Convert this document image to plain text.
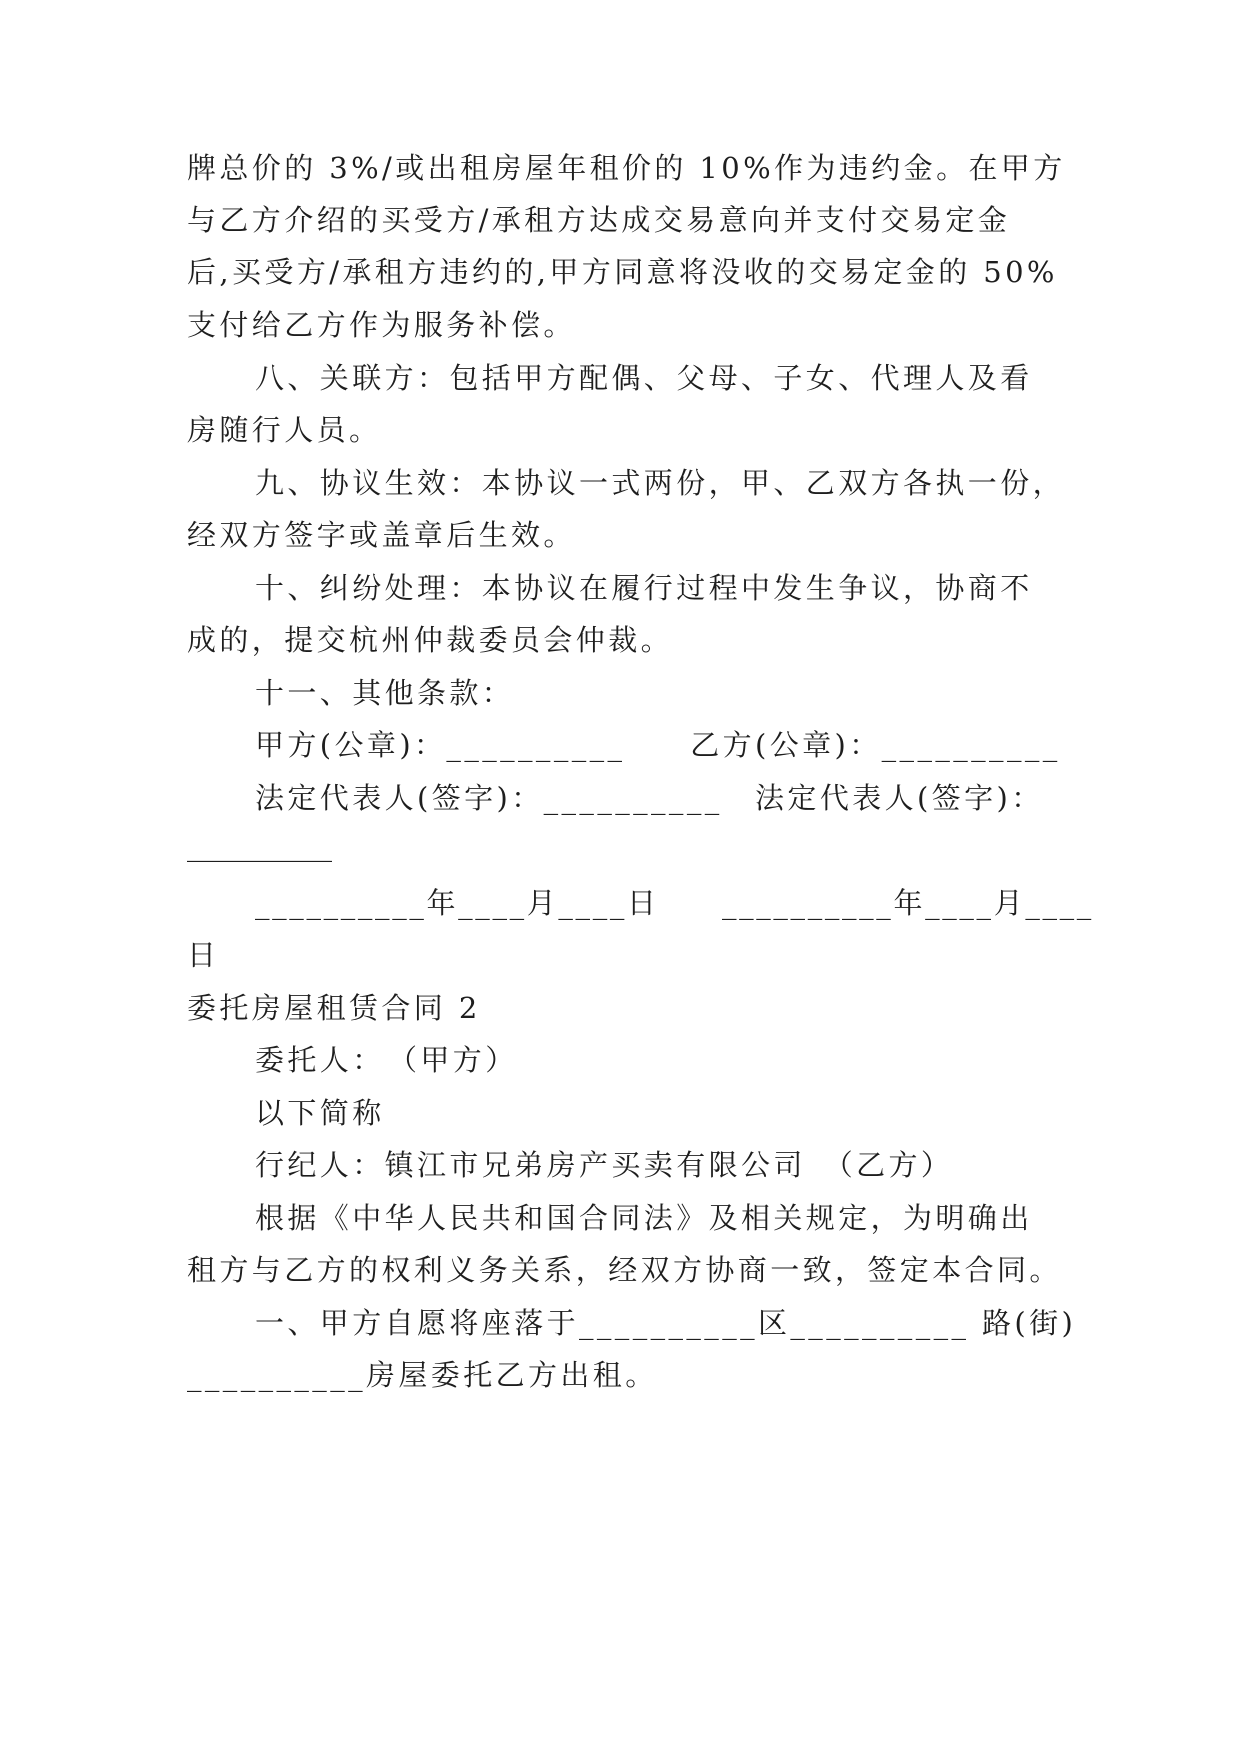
牌总价的 3%/或出租房屋年租价的 10%作为违约金。在甲方
与乙方介绍的买受方/承租方达成交易意向并支付交易定金
后,买受方/承租方违约的,甲方同意将没收的交易定金的 50%
支付给乙方作为服务补偿。
八、关联方：包括甲方配偶、父母、子女、代理人及看
房随行人员。
九、协议生效：本协议一式两份，甲、乙双方各执一份，
经双方签字或盖章后生效。
十、纠纷处理：本协议在履行过程中发生争议，协商不
成的，提交杭州仲裁委员会仲裁。
十一、其他条款：
甲方(公章)：__________　　乙方(公章)：__________
法定代表人(签字)：__________　法定代表人(签字)：
__________
__________年____月____日　　__________年____月____
日
委托房屋租赁合同 2
委托人：　（甲方）
以下简称
行纪人：镇江市兄弟房产买卖有限公司　（乙方）
根据《中华人民共和国合同法》及相关规定，为明确出
租方与乙方的权利义务关系，经双方协商一致，签定本合同。
一、甲方自愿将座落于__________区__________ 路(街)
__________房屋委托乙方出租。
